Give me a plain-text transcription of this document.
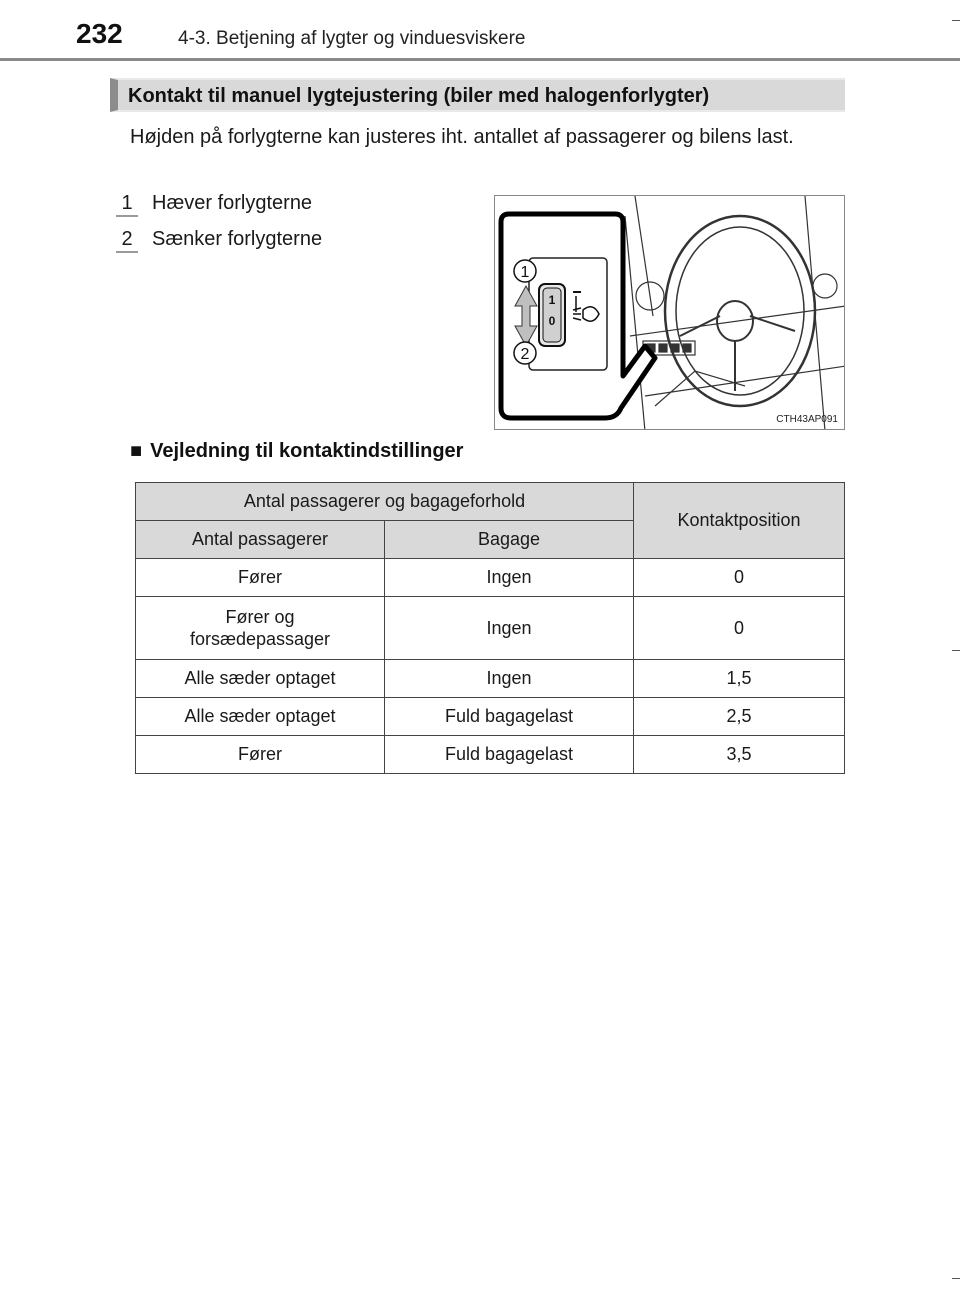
232	4-3. Betjening af lygter og vinduesviskere
Kontakt til manuel lygtejustering (biler med halogenforlygter)
Højden på forlygterne kan justeres iht. antallet af passagerer og bilens last.
1 Hæver forlygterne
2 Sænker forlygterne
1
0
1
2
CTH43AP091
■ Vejledning til kontaktindstillinger
Antal passagerer og bagageforhold		Kontaktposition
Antal passagerer	Bagage	
Fører	Ingen	0

Fører og forsædepassager	Ingen	0
Alle sæder optaget	Ingen	1,5
Alle sæder optaget	Fuld bagagelast	2,5
Fører	Fuld bagagelast	3,5
